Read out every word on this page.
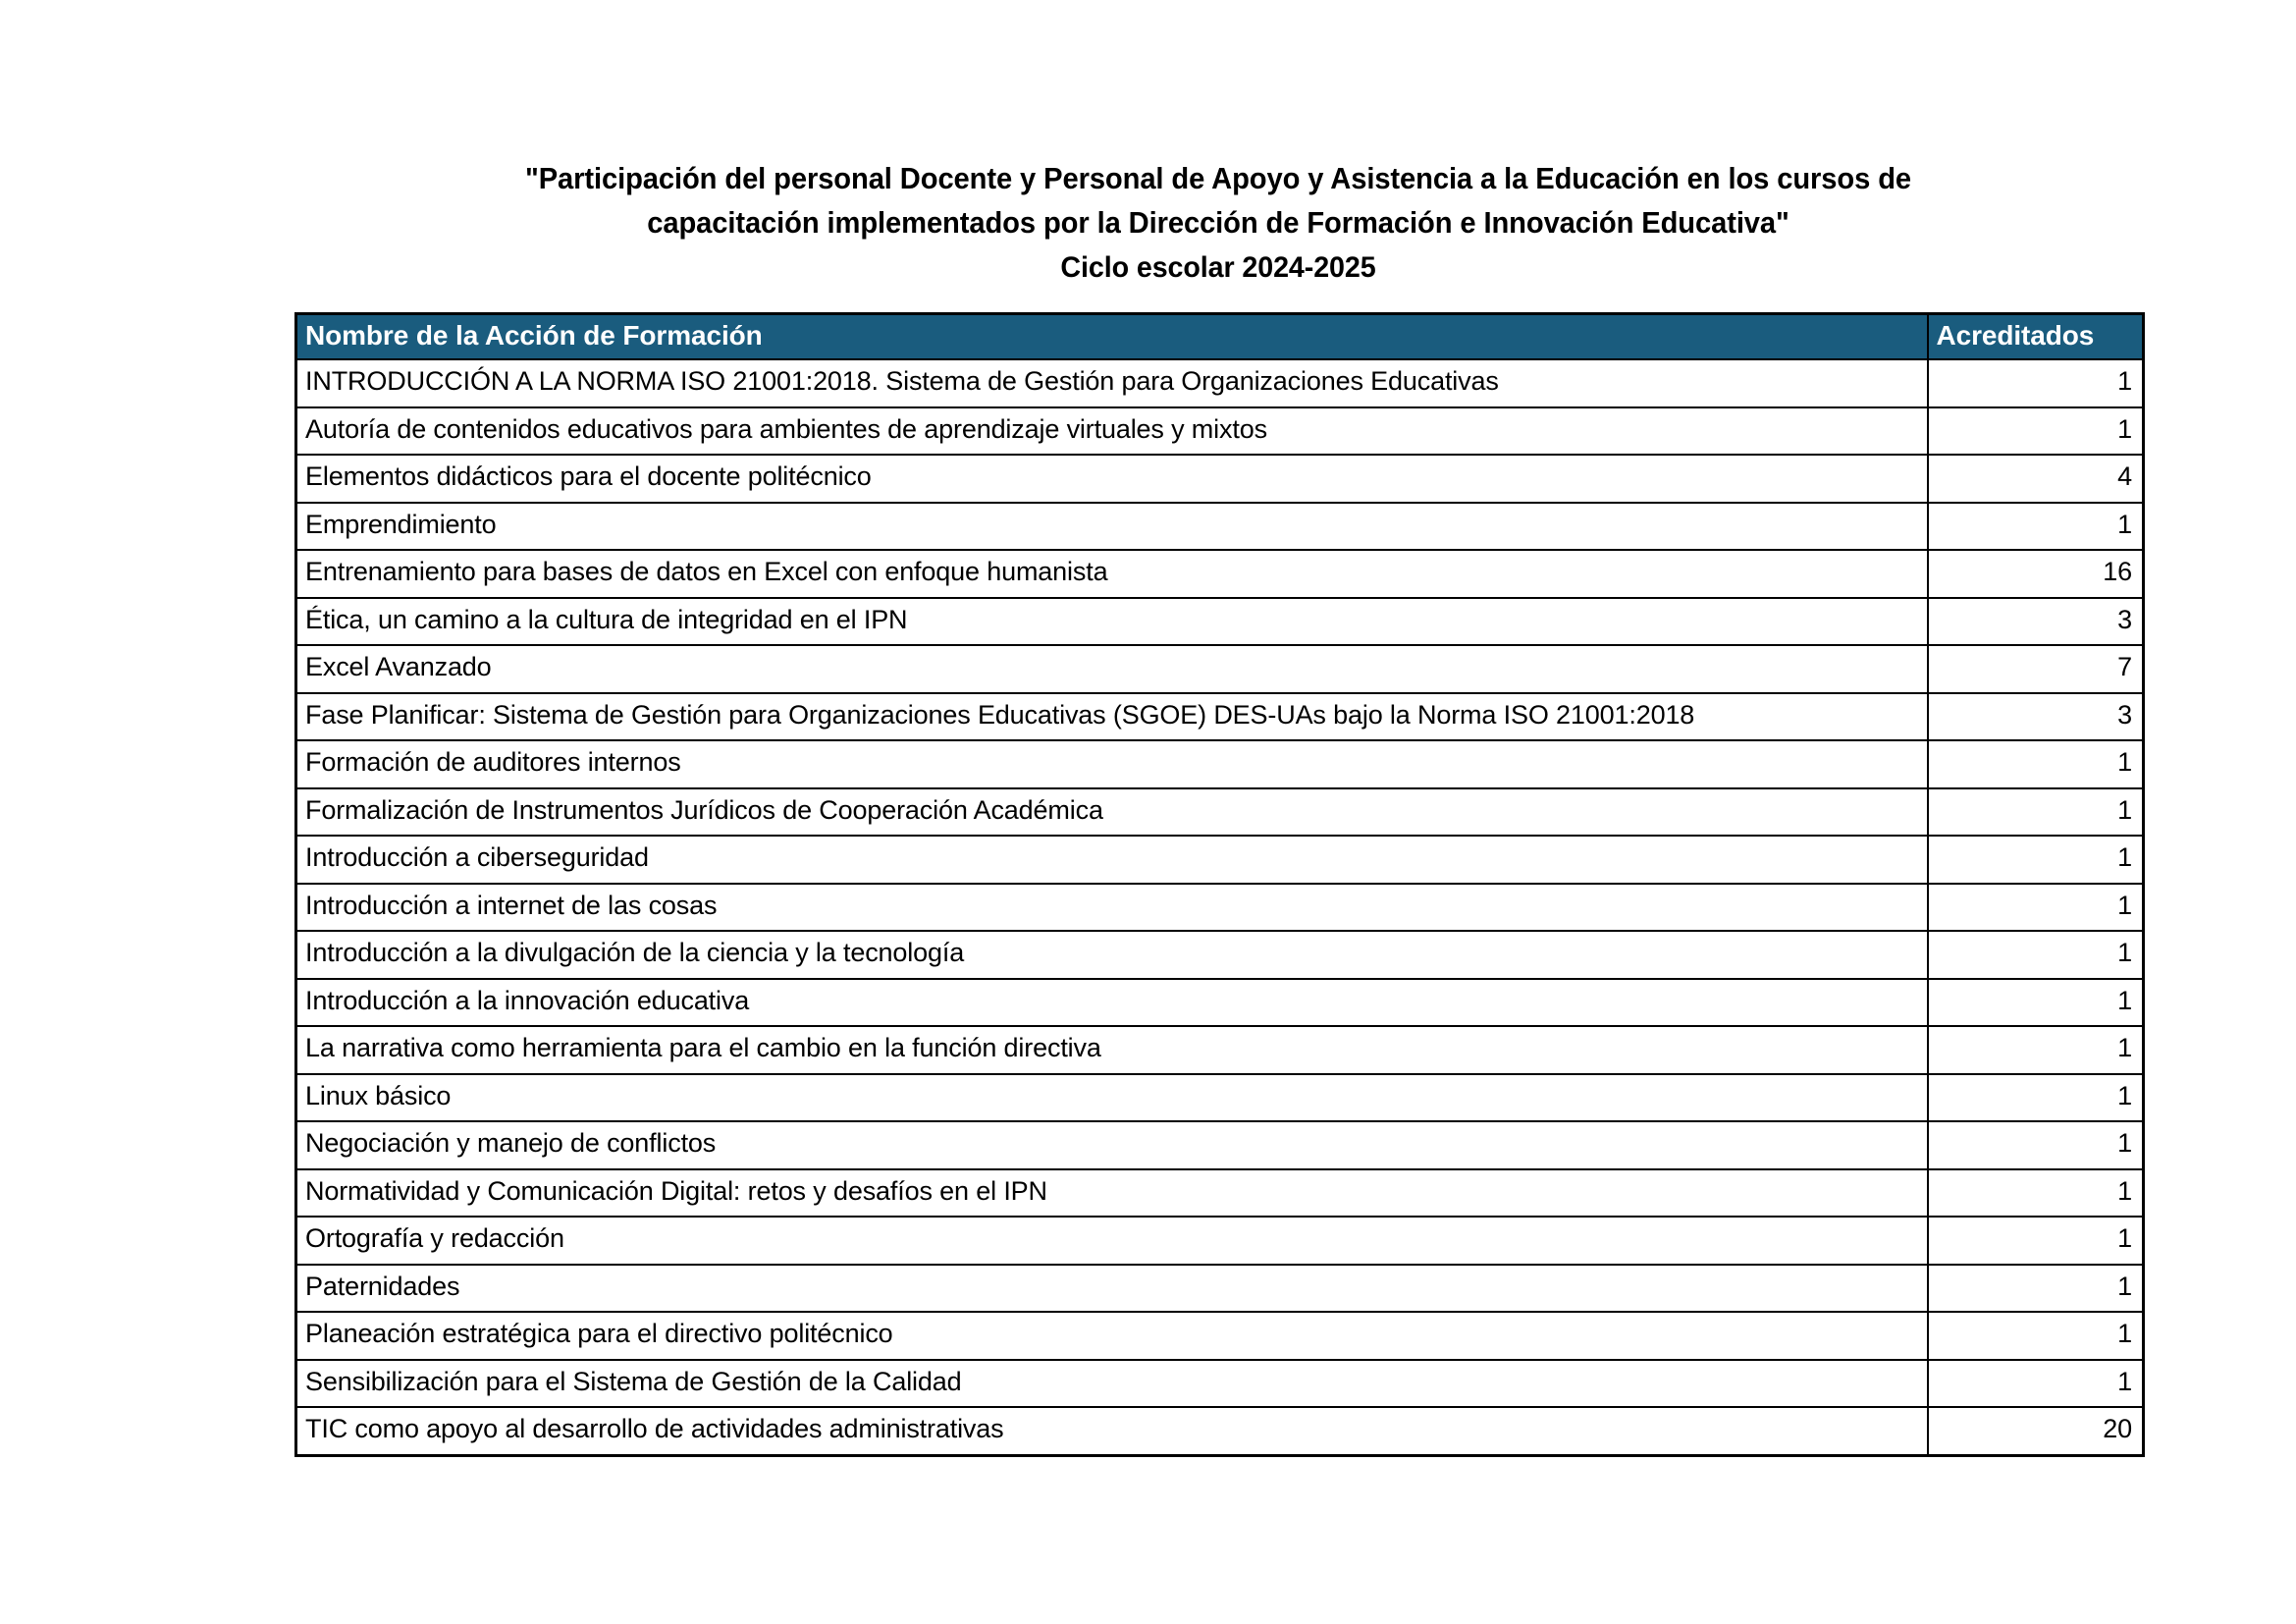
"Participación del personal Docente y Personal de Apoyo y Asistencia a la Educación en los cursos de
capacitación implementados por la Dirección de Formación e Innovación Educativa"
Ciclo escolar 2024-2025
Nombre de la Acción de Formación	Acreditados
INTRODUCCIÓN A LA NORMA ISO 21001:2018. Sistema de Gestión para Organizaciones Educativas	1
Autoría de contenidos educativos para ambientes de aprendizaje virtuales y mixtos	1
Elementos didácticos para el docente politécnico	4
Emprendimiento	1
Entrenamiento para bases de datos en Excel con enfoque humanista	16
Ética, un camino a la cultura de integridad en el IPN	3
Excel Avanzado	7
Fase Planificar: Sistema de Gestión para Organizaciones Educativas (SGOE) DES-UAs bajo la Norma ISO 21001:2018	3
Formación de auditores internos	1
Formalización de Instrumentos Jurídicos de Cooperación Académica	1
Introducción a ciberseguridad	1
Introducción a internet de las cosas	1
Introducción a la divulgación de la ciencia y la tecnología	1
Introducción a la innovación educativa	1
La narrativa como herramienta para el cambio en la función directiva	1
Linux básico	1
Negociación y manejo de conflictos	1
Normatividad y Comunicación Digital: retos y desafíos en el IPN	1
Ortografía y redacción	1
Paternidades	1
Planeación estratégica para el directivo politécnico	1
Sensibilización para el Sistema de Gestión de la Calidad	1
TIC como apoyo al desarrollo de actividades administrativas	20
